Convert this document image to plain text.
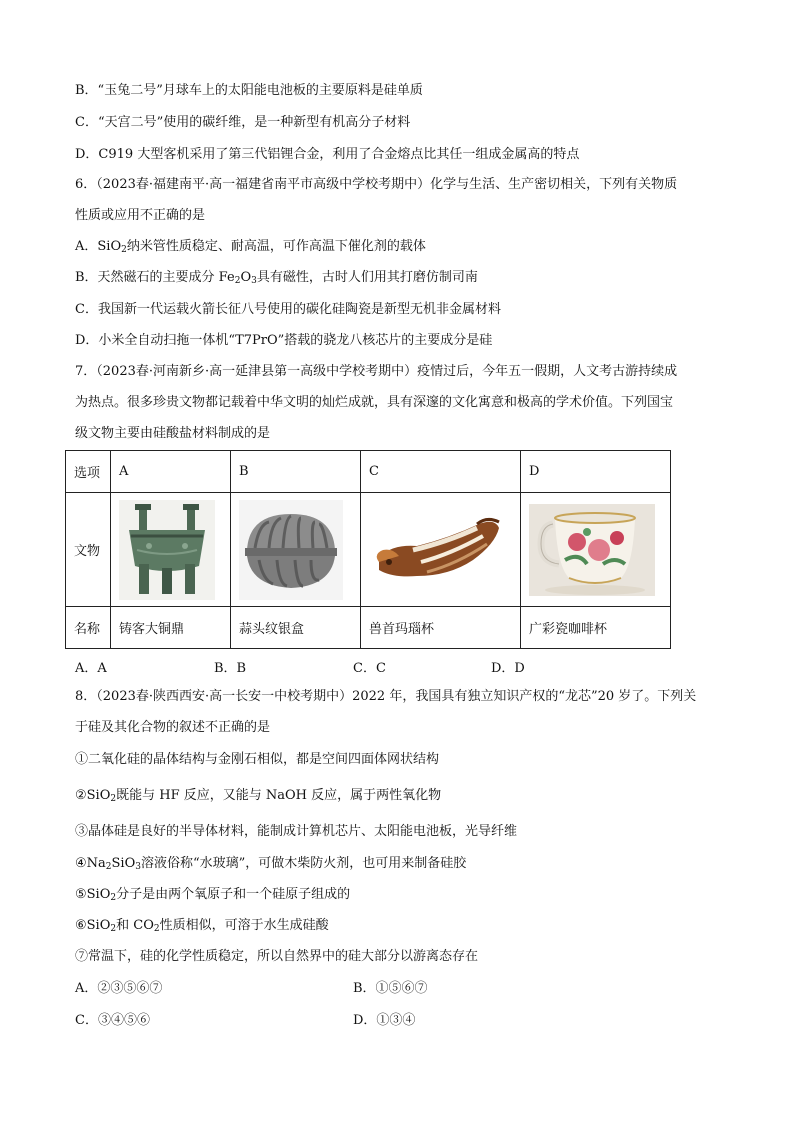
B．“玉兔二号”月球车上的太阳能电池板的主要原料是硅单质
C．“天宫二号”使用的碳纤维，是一种新型有机高分子材料
D．C919 大型客机采用了第三代铝锂合金，利用了合金熔点比其任一组成金属高的特点
6．（2023春·福建南平·高一福建省南平市高级中学校考期中）化学与生活、生产密切相关，下列有关物质
性质或应用不正确的是
A．SiO$_2$纳米管性质稳定、耐高温，可作高温下催化剂的载体
B．天然磁石的主要成分 $Fe_2O_3$具有磁性，古时人们用其打磨仿制司南
C．我国新一代运载火箭长征八号使用的碳化硅陶瓷是新型无机非金属材料
D．小米全自动扫拖一体机“T7PrO”搭载的骁龙八核芯片的主要成分是硅
7．（2023春·河南新乡·高一延津县第一高级中学校考期中）疫情过后，今年五一假期，人文考古游持续成
为热点。很多珍贵文物都记载着中华文明的灿烂成就，具有深邃的文化寓意和极高的学术价值。下列国宝
级文物主要由硅酸盐材料制成的是
选项	A	B	C	D
文物	

名称	铸客大铜鼎	蒜头纹银盒	兽首玛瑙杯	广彩瓷咖啡杯
A．A	B．B	C．C	D．D
8．（2023春·陕西西安·高一长安一中校考期中）2022 年，我国具有独立知识产权的“龙芯”20 岁了。下列关
于硅及其化合物的叙述不正确的是
①二氧化硅的晶体结构与金刚石相似，都是空间四面体网状结构
②SiO$_2$既能与 HF 反应，又能与 NaOH 反应，属于两性氧化物
③晶体硅是良好的半导体材料，能制成计算机芯片、太阳能电池板，光导纤维
$④Na_2SiO_3$溶液俗称“水玻璃”，可做木柴防火剂，也可用来制备硅胶
⑤SiO$_2$分子是由两个氧原子和一个硅原子组成的
⑥SiO$_2$和 $CO_2$性质相似，可溶于水生成硅酸
⑦常温下，硅的化学性质稳定，所以自然界中的硅大部分以游离态存在
A．②③⑤⑥⑦	B．①⑤⑥⑦
C．③④⑤⑥	D．①③④
